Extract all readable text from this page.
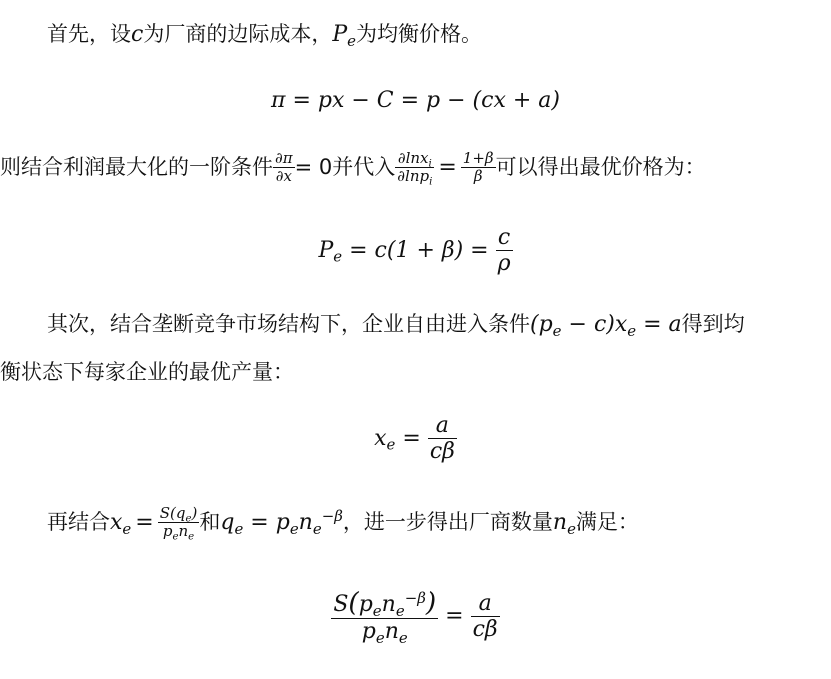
首先，设c为厂商的边际成本，$P_e$为均衡价格。
π = px − C = p − (cx + a)
则结合利润最大化的一阶条件 $\frac{\partial\pi}{\partial x} = 0$并代入 $\frac{\partial\ln x_i}{\partial\ln p_i} = \frac{1+\beta}{\beta}$ 可以得出最优价格为：
$P_e = c(1 + \beta) = \frac{c}{\rho}$
其次，结合垄断竞争市场结构下，企业自由进入条件$(p_e - c)x_e = a$得到均
衡状态下每家企业的最优产量：
$x_e = \frac{a}{c\beta}$
再结合$x_e = \frac{S(q_e)}{p_en_e}$ 和$q_e = p_en_e^{-\beta}$，进一步得出厂商数量$n_e$满足：
$\frac{S(p_en_e^{-\beta})}{p_en_e} = \frac{a}{c\beta}$
